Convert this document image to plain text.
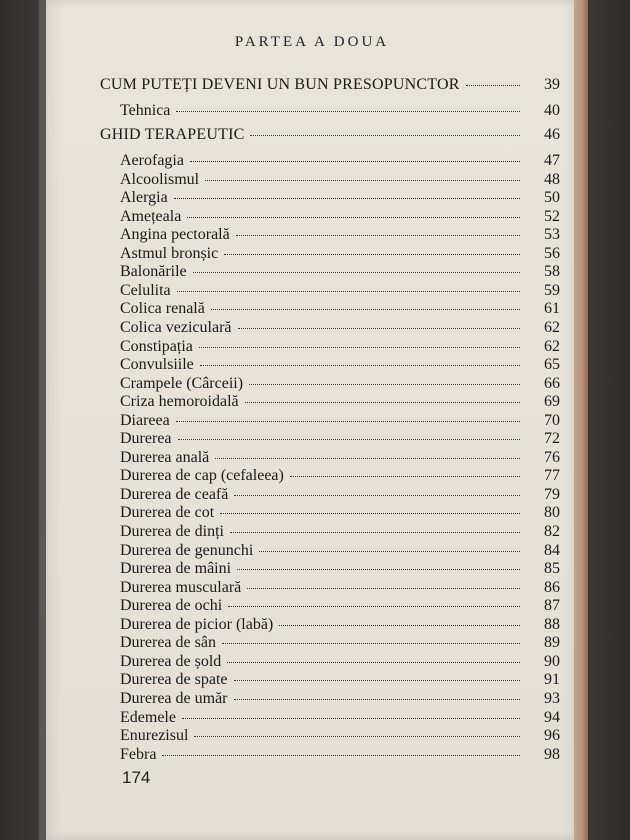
PARTEA A DOUA
CUM PUTEȚI DEVENI UN BUN PRESOPUNCTOR	39
Tehnica	40
GHID TERAPEUTIC	46
Aerofagia	47
Alcoolismul	48
Alergia	50
Amețeala	52
Angina pectorală	53
Astmul bronșic	56
Balonările	58
Celulita	59
Colica renală	61
Colica veziculară	62
Constipația	62
Convulsiile	65
Crampele (Cârceii)	66
Criza hemoroidală	69
Diareea	70
Durerea	72
Durerea anală	76
Durerea de cap (cefaleea)	77
Durerea de ceafă	79
Durerea de cot	80
Durerea de dinți	82
Durerea de genunchi	84
Durerea de mâini	85
Durerea musculară	86
Durerea de ochi	87
Durerea de picior (labă)	88
Durerea de sân	89
Durerea de șold	90
Durerea de spate	91
Durerea de umăr	93
Edemele	94
Enurezisul	96
Febra	98
174
